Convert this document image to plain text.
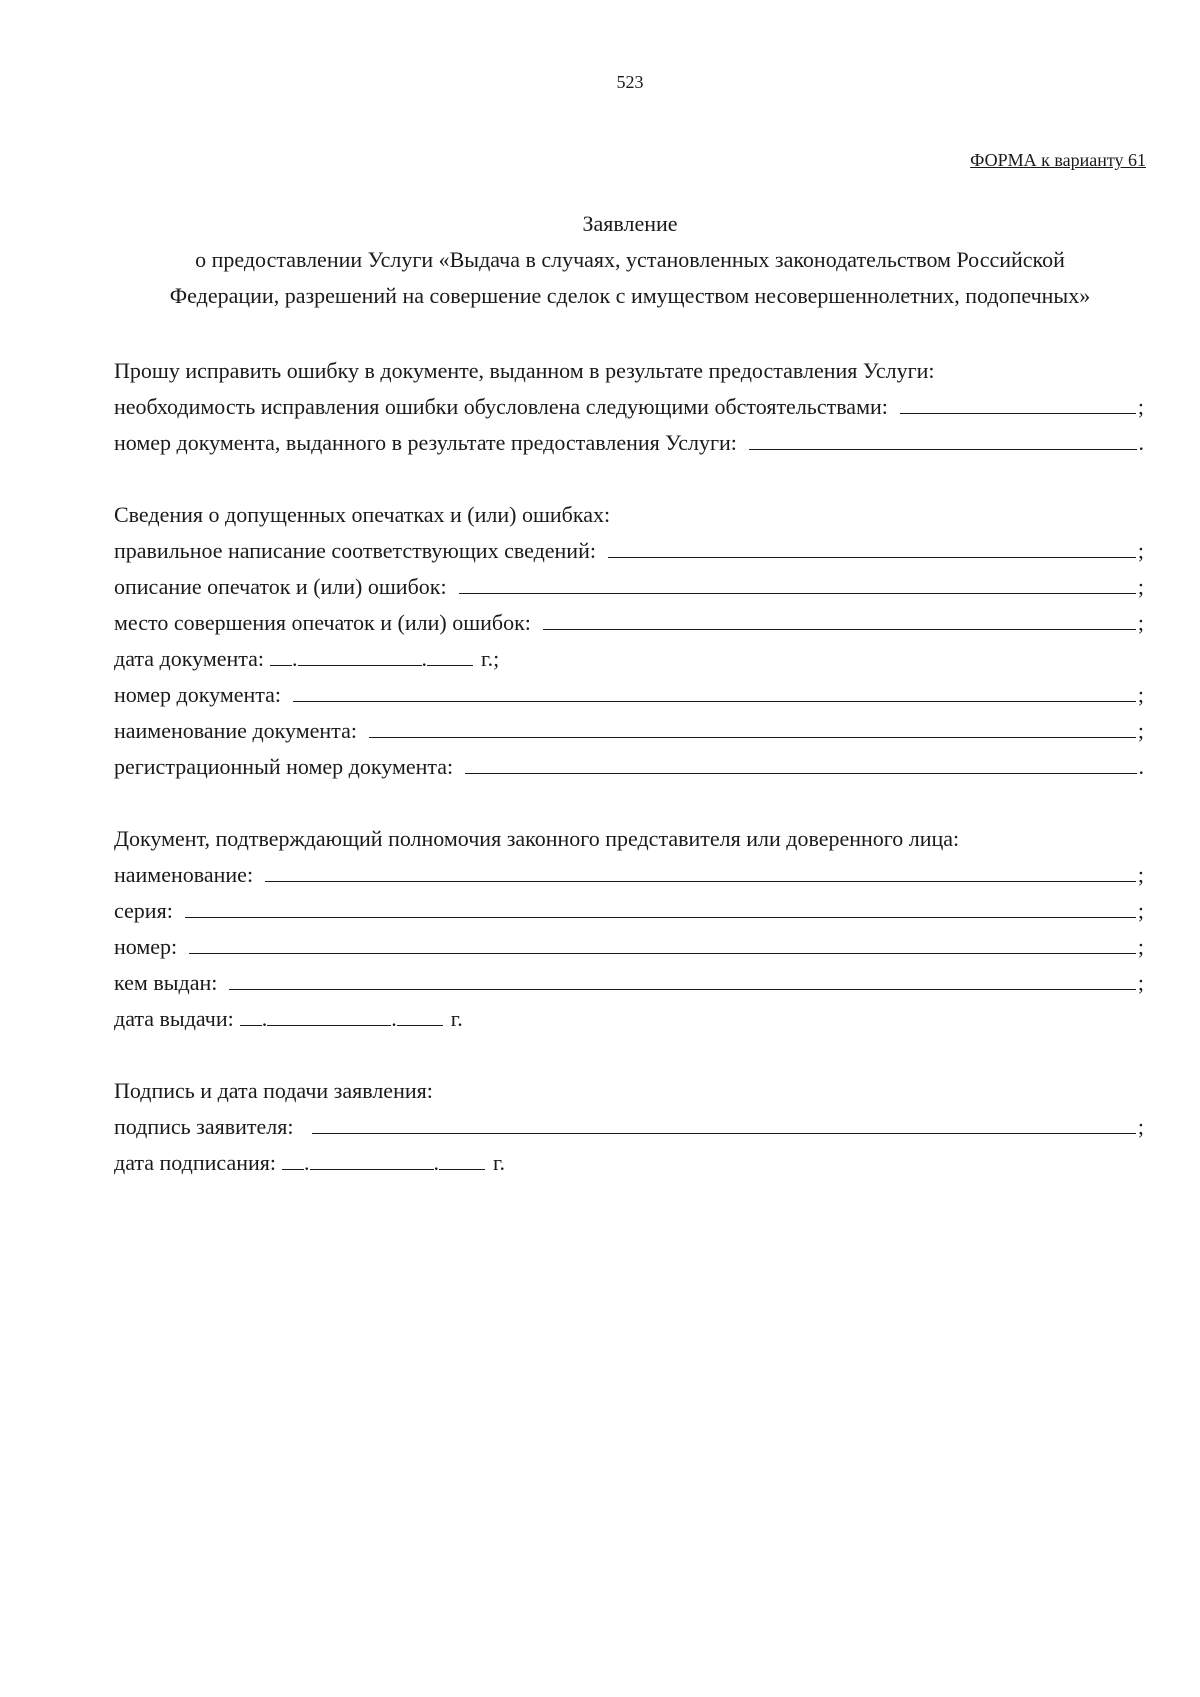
523
ФОРМА к варианту 61
Заявление
о предоставлении Услуги «Выдача в случаях, установленных законодательством Российской
Федерации, разрешений на совершение сделок с имуществом несовершеннолетних, подопечных»
Прошу исправить ошибку в документе, выданном в результате предоставления Услуги:
необходимость исправления ошибки обусловлена следующими обстоятельствами:	;
номер документа, выданного в результате предоставления Услуги:	.
Сведения о допущенных опечатках и (или) ошибках:
правильное написание соответствующих сведений:	;
описание опечаток и (или) ошибок:	;
место совершения опечаток и (или) ошибок:	;
дата документа: .	. г.;
номер документа:	;
наименование документа:	;
регистрационный номер документа:	.
Документ, подтверждающий полномочия законного представителя или доверенного лица:
наименование:	;
серия:	;
номер:	;
кем выдан:	;
дата выдачи: .	. г.
Подпись и дата подачи заявления:
подпись заявителя:	;
дата подписания: .	. г.
